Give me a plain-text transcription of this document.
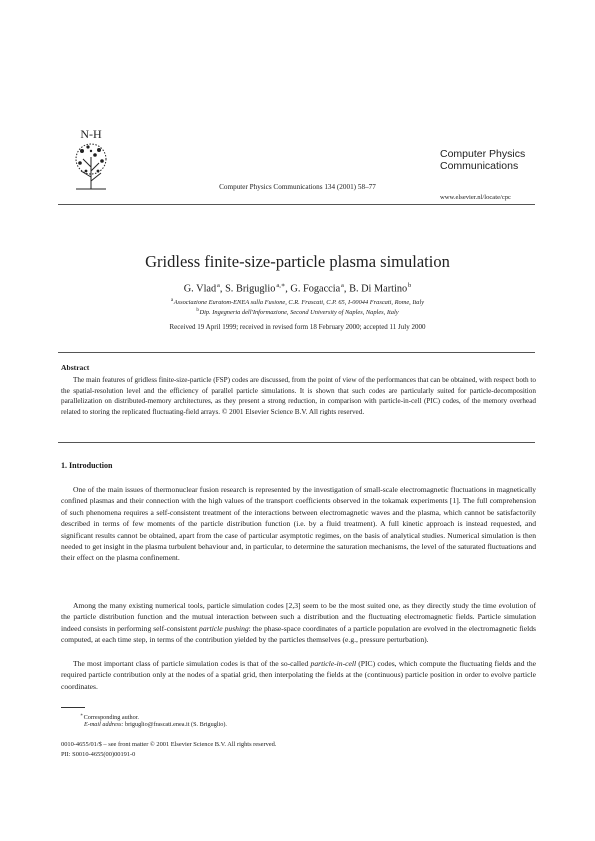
N-H
Computer Physics Communications 134 (2001) 58–77
Computer Physics
Communications
www.elsevier.nl/locate/cpc
Gridless finite-size-particle plasma simulation
G. Vlad $^a$, S. Briguglio $^{a,∗}$, G. Fogaccia $^a$, B. Di Martino $^b$
$^a$ Associazione Euratom-ENEA sulla Fusione, C.R. Frascati, C.P. 65, I-00044 Frascati, Rome, Italy
$^b$ Dip. Ingegneria dell'Informazione, Second University of Naples, Naples, Italy
Received 19 April 1999; received in revised form 18 February 2000; accepted 11 July 2000
Abstract
The main features of gridless finite-size-particle (FSP) codes are discussed, from the point of view of the performances that can be obtained, with respect both to the spatial-resolution level and the efficiency of parallel particle simulations. It is shown that such codes are particularly suited for particle-decomposition parallelization on distributed-memory architectures, as they present a strong reduction, in comparison with particle-in-cell (PIC) codes, of the memory overhead related to storing the replicated fluctuating-field arrays. © 2001 Elsevier Science B.V. All rights reserved.
1. Introduction
One of the main issues of thermonuclear fusion research is represented by the investigation of small-scale electromagnetic fluctuations in magnetically confined plasmas and their connection with the high values of the transport coefficients observed in the tokamak experiments [1]. The full comprehension of such phenomena requires a self-consistent treatment of the interactions between electromagnetic waves and the plasma, which cannot be satisfactorily described in terms of few moments of the particle distribution function (i.e. by a fluid treatment). A full kinetic approach is instead requested, and significant results cannot be obtained, apart from the case of particular asymptotic regimes, on the basis of analytical studies. Numerical simulation is then needed to get insight in the plasma turbulent behaviour and, in particular, to determine the saturation mechanisms, the level of the saturated fluctuations and their effect on the plasma confinement.
Among the many existing numerical tools, particle simulation codes [2,3] seem to be the most suited one, as they directly study the time evolution of the particle distribution function and the mutual interaction between such a distribution and the fluctuating electromagnetic fields. Particle simulation indeed consists in performing self-consistent particle pushing: the phase-space coordinates of a particle population are evolved in the electromagnetic fields computed, at each time step, in terms of the contribution yielded by the particles themselves (e.g., pressure perturbation).
The most important class of particle simulation codes is that of the so-called particle-in-cell (PIC) codes, which compute the fluctuating fields and the required particle contribution only at the nodes of a spatial grid, then interpolating the fields at the (continuous) particle position in order to evolve particle coordinates.
∗ Corresponding author.
E-mail address: briguglio@frascati.enea.it (S. Briguglio).
0010-4655/01/$ – see front matter © 2001 Elsevier Science B.V. All rights reserved.
PII: S0010-4655(00)00191-0
